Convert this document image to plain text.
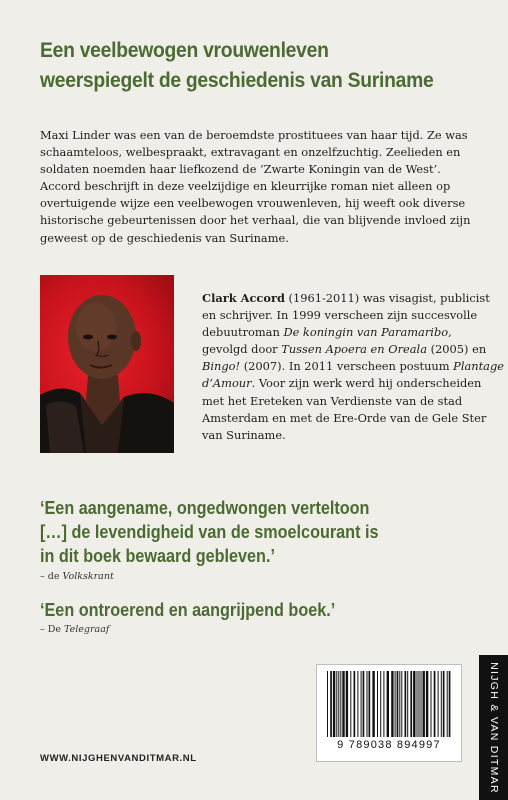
Een veelbewogen vrouwenleven
weerspiegelt de geschiedenis van Suriname
Maxi Linder was een van de beroemdste prostituees van haar tijd. Ze was
schaamteloos, welbespraakt, extravagant en onzelfzuchtig. Zeelieden en
soldaten noemden haar liefkozend de ‘Zwarte Koningin van de West’.
Accord beschrijft in deze veelzijdige en kleurrijke roman niet alleen op
overtuigende wijze een veelbewogen vrouwenleven, hij weeft ook diverse
historische gebeurtenissen door het verhaal, die van blijvende invloed zijn
geweest op de geschiedenis van Suriname.
Clark Accord (1961-2011) was visagist, publicist
en schrijver. In 1999 verscheen zijn succesvolle
debuutroman De koningin van Paramaribo,
gevolgd door Tussen Apoera en Oreala (2005) en
Bingo! (2007). In 2011 verscheen postuum Plantage
d’Amour. Voor zijn werk werd hij onderscheiden
met het Ereteken van Verdienste van de stad
Amsterdam en met de Ere-Orde van de Gele Ster
van Suriname.
‘Een aangename, ongedwongen verteltoon
[…] de levendigheid van de smoelcourant is
in dit boek bewaard gebleven.’
– de Volkskrant
‘Een ontroerend en aangrijpend boek.’
– De Telegraaf
WWW.NIJGHENVANDITMAR.NL
9 789038 894997	NIJGH & VAN DITMAR
